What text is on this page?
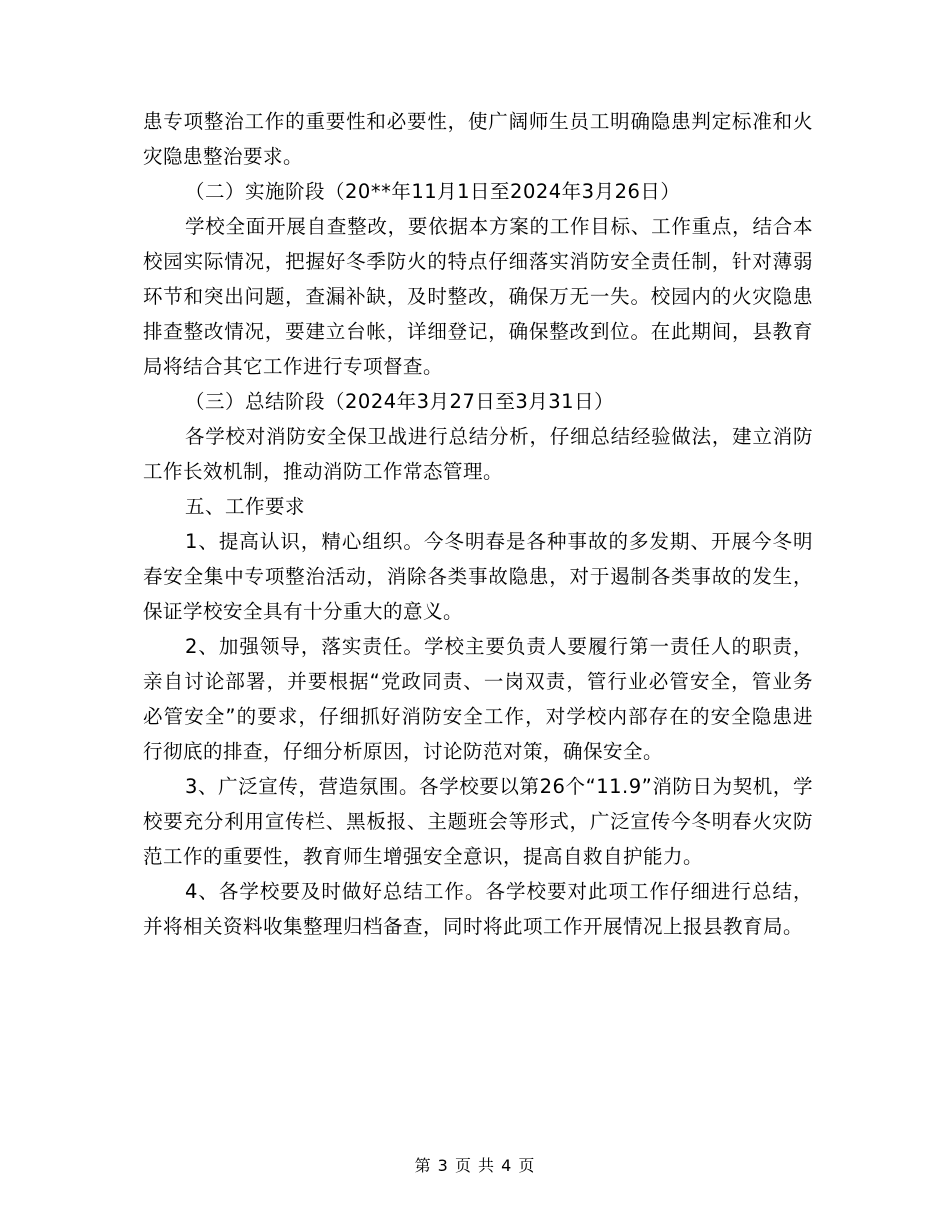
患专项整治工作的重要性和必要性，使广阔师生员工明确隐患判定标准和火灾隐患整治要求。

（二）实施阶段（20**年11月1日至2024年3月26日）

学校全面开展自查整改，要依据本方案的工作目标、工作重点，结合本校园实际情况，把握好冬季防火的特点仔细落实消防安全责任制，针对薄弱环节和突出问题，查漏补缺，及时整改，确保万无一失。校园内的火灾隐患排查整改情况，要建立台帐，详细登记，确保整改到位。在此期间，县教育局将结合其它工作进行专项督查。

（三）总结阶段（2024年3月27日至3月31日）

各学校对消防安全保卫战进行总结分析，仔细总结经验做法，建立消防工作长效机制，推动消防工作常态管理。

五、工作要求

1、提高认识，精心组织。今冬明春是各种事故的多发期、开展今冬明春安全集中专项整治活动，消除各类事故隐患，对于遏制各类事故的发生，保证学校安全具有十分重大的意义。

2、加强领导，落实责任。学校主要负责人要履行第一责任人的职责，亲自讨论部署，并要根据“党政同责、一岗双责，管行业必管安全，管业务必管安全”的要求，仔细抓好消防安全工作，对学校内部存在的安全隐患进行彻底的排查，仔细分析原因，讨论防范对策，确保安全。

3、广泛宣传，营造氛围。各学校要以第26个“11.9”消防日为契机，学校要充分利用宣传栏、黑板报、主题班会等形式，广泛宣传今冬明春火灾防范工作的重要性，教育师生增强安全意识，提高自救自护能力。

4、各学校要及时做好总结工作。各学校要对此项工作仔细进行总结，并将相关资料收集整理归档备查，同时将此项工作开展情况上报县教育局。

第 3 页 共 4 页
